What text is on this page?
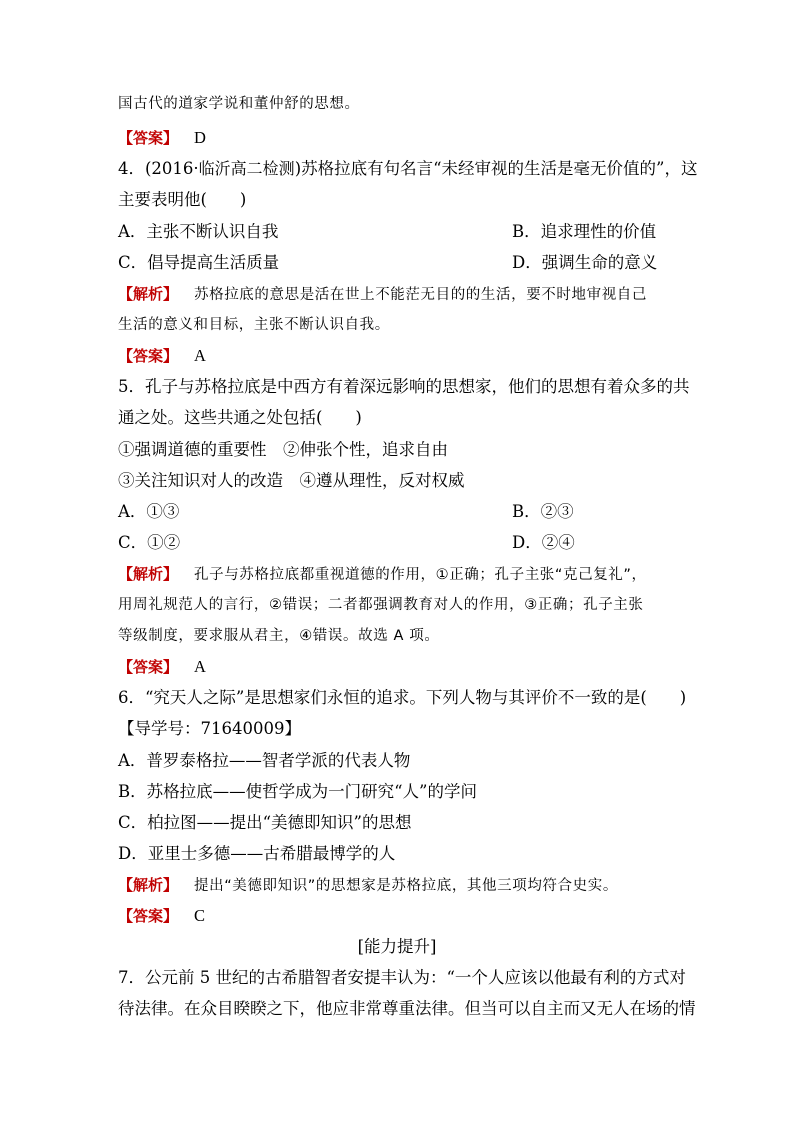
国古代的道家学说和董仲舒的思想。
【答案】 D
4．(2016·临沂高二检测)苏格拉底有句名言“未经审视的生活是毫无价值的”，这
主要表明他(　　)
A．主张不断认识自我	B．追求理性的价值
C．倡导提高生活质量	D．强调生命的意义
【解析】 苏格拉底的意思是活在世上不能茫无目的的生活，要不时地审视自己
生活的意义和目标，主张不断认识自我。
【答案】 A
5．孔子与苏格拉底是中西方有着深远影响的思想家，他们的思想有着众多的共
通之处。这些共通之处包括(　　)
①强调道德的重要性　②伸张个性，追求自由
③关注知识对人的改造　④遵从理性，反对权威
A．①③	B．②③
C．①②	D．②④
【解析】 孔子与苏格拉底都重视道德的作用，①正确；孔子主张“克己复礼”，
用周礼规范人的言行，②错误；二者都强调教育对人的作用，③正确；孔子主张
等级制度，要求服从君主，④错误。故选 A 项。
【答案】 A
6．“究天人之际”是思想家们永恒的追求。下列人物与其评价不一致的是(　　)
【导学号：71640009】
A．普罗泰格拉——智者学派的代表人物
B．苏格拉底——使哲学成为一门研究“人”的学问
C．柏拉图——提出“美德即知识”的思想
D．亚里士多德——古希腊最博学的人
【解析】 提出“美德即知识”的思想家是苏格拉底，其他三项均符合史实。
【答案】 C
[能力提升]
7．公元前 5 世纪的古希腊智者安提丰认为：“一个人应该以他最有利的方式对
待法律。在众目睽睽之下，他应非常尊重法律。但当可以自主而又无人在场的情
